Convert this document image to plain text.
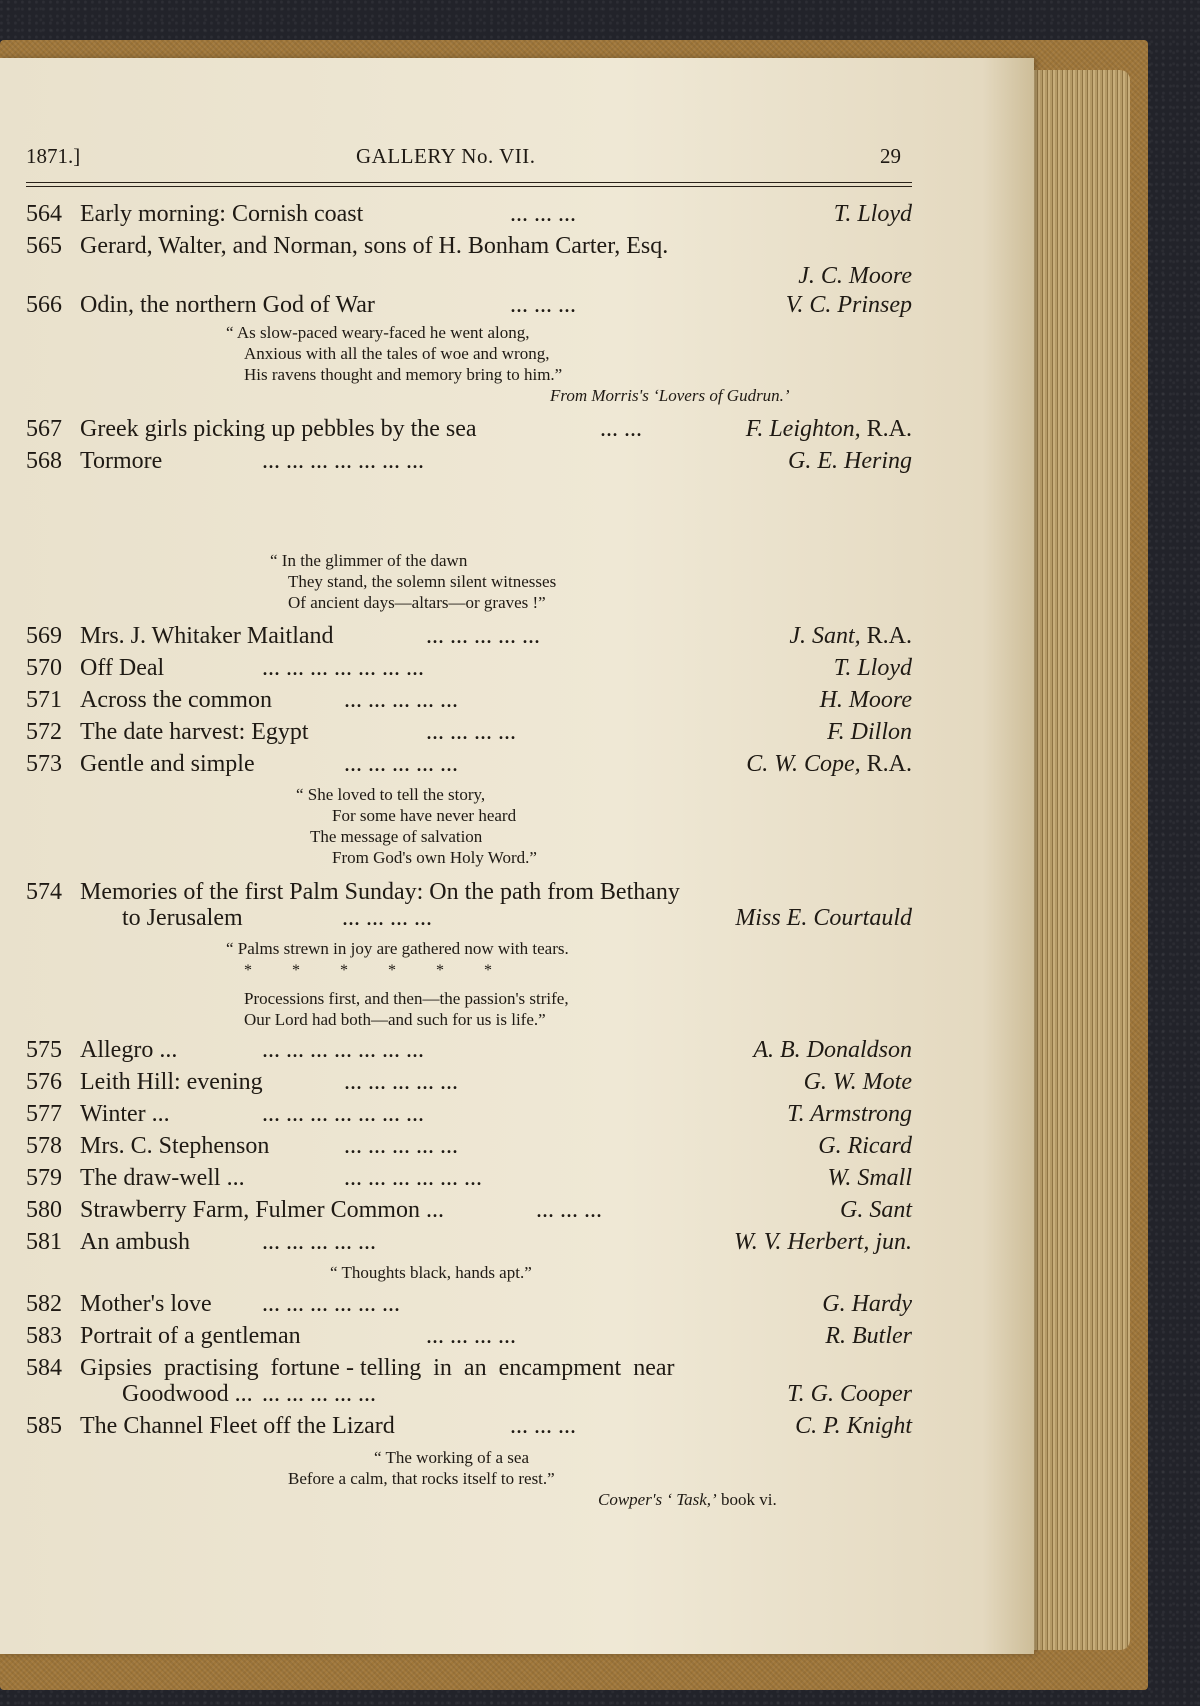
1871.]	GALLERY No. VII.	29
564 Early morning: Cornish coast	... ... ...	T. Lloyd
565 Gerard, Walter, and Norman, sons of H. Bonham Carter, Esq.
J. C. Moore
566 Odin, the northern God of War	... ... ...	V. C. Prinsep
“ As slow-paced weary-faced he went along,
Anxious with all the tales of woe and wrong,
His ravens thought and memory bring to him.”
From Morris's ‘Lovers of Gudrun.’
567 Greek girls picking up pebbles by the sea	... ...	F. Leighton, R.A.
568 Tormore	... ... ... ... ... ... ...	G. E. Hering
“ In the glimmer of the dawn
They stand, the solemn silent witnesses
Of ancient days—altars—or graves !”
569 Mrs. J. Whitaker Maitland	... ... ... ... ...	J. Sant, R.A.
570 Off Deal	... ... ... ... ... ... ...	T. Lloyd
571 Across the common	... ... ... ... ...	H. Moore
572 The date harvest: Egypt	... ... ... ...	F. Dillon
573 Gentle and simple	... ... ... ... ...	C. W. Cope, R.A.
“ She loved to tell the story,
For some have never heard
The message of salvation
From God's own Holy Word.”
574 Memories of the first Palm Sunday: On the path from Bethany
to Jerusalem	... ... ... ...	Miss E. Courtauld
“ Palms strewn in joy are gathered now with tears.
*          *          *          *          *          *
Processions first, and then—the passion's strife,
Our Lord had both—and such for us is life.”
575 Allegro ...	... ... ... ... ... ... ...	A. B. Donaldson
576 Leith Hill: evening	... ... ... ... ...	G. W. Mote
577 Winter ...	... ... ... ... ... ... ...	T. Armstrong
578 Mrs. C. Stephenson	... ... ... ... ...	G. Ricard
579 The draw-well ...	... ... ... ... ... ...	W. Small
580 Strawberry Farm, Fulmer Common ...	... ... ...	G. Sant
581 An ambush	... ... ... ... ...	W. V. Herbert, jun.
“ Thoughts black, hands apt.”
582 Mother's love ... ... ... ... ... ...	G. Hardy
583 Portrait of a gentleman	... ... ... ...	R. Butler
584 Gipsies  practising  fortune - telling  in  an  encampment  near
Goodwood ... ... ... ... ... ...	T. G. Cooper
585 The Channel Fleet off the Lizard	... ... ...	C. P. Knight
“ The working of a sea
Before a calm, that rocks itself to rest.”
Cowper's ‘ Task,’ book vi.
